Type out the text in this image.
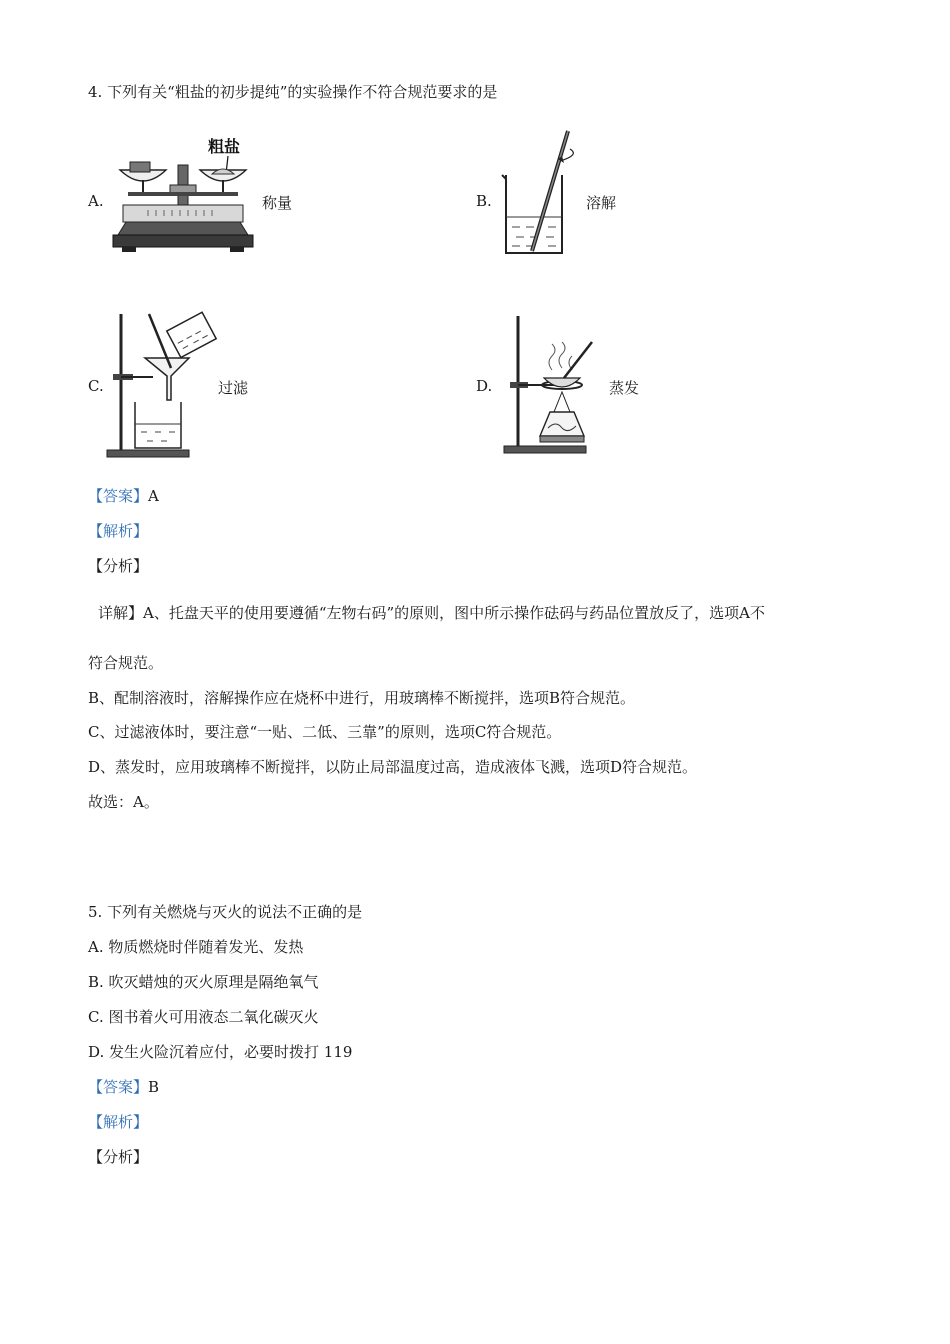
4. 下列有关“粗盐的初步提纯”的实验操作不符合规范要求的是
A.
粗盐
称量	B.	溶解
C.	过滤	D.	蒸发
【答案】A
【解析】
【分析】
详解】A、托盘天平的使用要遵循“左物右码”的原则，图中所示操作砝码与药品位置放反了，选项A不
符合规范。
B、配制溶液时，溶解操作应在烧杯中进行，用玻璃棒不断搅拌，选项B符合规范。
C、过滤液体时，要注意“一贴、二低、三靠”的原则，选项C符合规范。
D、蒸发时，应用玻璃棒不断搅拌，以防止局部温度过高，造成液体飞溅，选项D符合规范。
故选：A。
5. 下列有关燃烧与灭火的说法不正确的是
A. 物质燃烧时伴随着发光、发热
B. 吹灭蜡烛的灭火原理是隔绝氧气
C. 图书着火可用液态二氧化碳灭火
D. 发生火险沉着应付，必要时拨打 119
【答案】B
【解析】
【分析】
